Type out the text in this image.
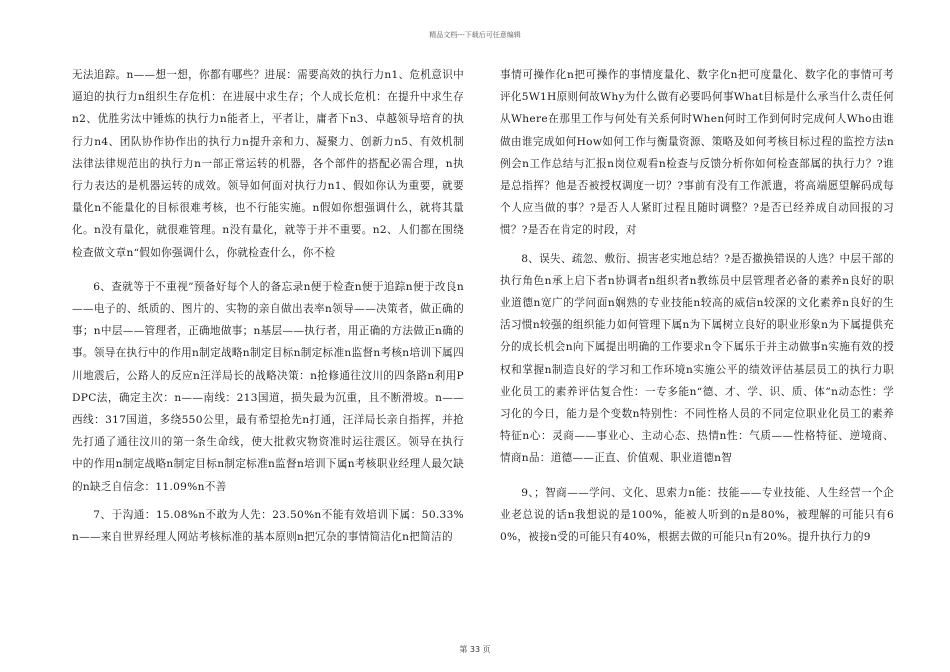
精品文档---下载后可任意编辑

无法追踪。n——想一想，你都有哪些？进展：需要高效的执行力n1、危机意识中逼迫的执行力n组织生存危机：在进展中求生存；个人成长危机：在提升中求生存n2、优胜劣汰中锤炼的执行力n能者上，平者让，庸者下n3、卓越领导培育的执行力n4、团队协作协作出的执行力n提升亲和力、凝聚力、创新力n5、有效机制法律法律规范出的执行力n一部正常运转的机器，各个部件的搭配必需合理，n执行力表达的是机器运转的成效。领导如何面对执行力n1、假如你认为重要，就要量化n不能量化的目标很难考核，也不行能实施。n假如你想强调什么，就将其量化。n没有量化，就很难管理。n没有量化，就等于并不重要。n2、人们都在围绕检查做文章n“假如你强调什么，你就检查什么，你不检

6、查就等于不重视”预备好每个人的备忘录n便于检查n便于追踪n便于改良n——电子的、纸质的、图片的、实物的亲自做出表率n领导——决策者，做正确的事；n中层——管理者，正确地做事；n基层——执行者，用正确的方法做正n确的事。领导在执行中的作用n制定战略n制定目标n制定标准n监督n考核n培训下属四川地震后，公路人的反应n汪洋局长的战略决策：n抢修通往汶川的四条路n利用PDPC法，确定主次：n——南线：213国道，损失最为沉重，且不断滑坡。n——西线：317国道，多绕550公里，最有希望抢先n打通，汪洋局长亲自指挥，并抢先打通了通往汶川的第一条生命线，使大批救灾物资准时运往震区。领导在执行中的作用n制定战略n制定目标n制定标准n监督n培训下属n考核职业经理人最欠缺的n缺乏自信念：11.09%n不善

7、于沟通：15.08%n不敢为人先：23.50%n不能有效培训下属：50.33%n——来自世界经理人网站考核标准的基本原则n把冗杂的事情简洁化n把简洁的

事情可操作化n把可操作的事情度量化、数字化n把可度量化、数字化的事情可考评化5W1H原则何故Why为什么做有必要吗何事What目标是什么承当什么责任何从Where在那里工作与何处有关系何时When何时工作到何时完成何人Who由谁做由谁完成如何How如何工作与衡量资源、策略及如何考核目标过程的监控方法n例会n工作总结与汇报n岗位观看n检查与反馈分析你如何检查部属的执行力？?谁是总指挥？他是否被授权调度一切？?事前有没有工作派遣，将高端愿望解码成每个人应当做的事？?是否人人紧盯过程且随时调整？?是否已经养成自动回报的习惯？?是否在肯定的时段，对

8、误失、疏忽、敷衍、损害老实地总结？?是否撤换错误的人选？中层干部的执行角色n承上启下者n协调者n组织者n教练员中层管理者必备的素养n良好的职业道德n宽广的学问面n娴熟的专业技能n较高的威信n较深的文化素养n良好的生活习惯n较强的组织能力如何管理下属n为下属树立良好的职业形象n为下属提供充分的成长机会n向下属提出明确的工作要求n令下属乐于并主动做事n实施有效的授权和掌握n制造良好的学习和工作环境n实施公平的绩效评估基层员工的执行力职业化员工的素养评估复合性：一专多能n“德、才、学、识、质、体”n动态性：学习化的今日，能力是个变数n特别性：不同性格人员的不同定位职业化员工的素养特征n心：灵商——事业心、主动心态、热情n性：气质——性格特征、逆境商、情商n品：道德——正直、价值观、职业道德n智

9、；智商——学问、文化、思索力n能：技能——专业技能、人生经营一个企业老总说的话n我想说的是100%，能被人听到的n是80%，被理解的可能只有60%，被接n受的可能只有40%，根据去做的可能只n有20%。提升执行力的9

第 33 页
